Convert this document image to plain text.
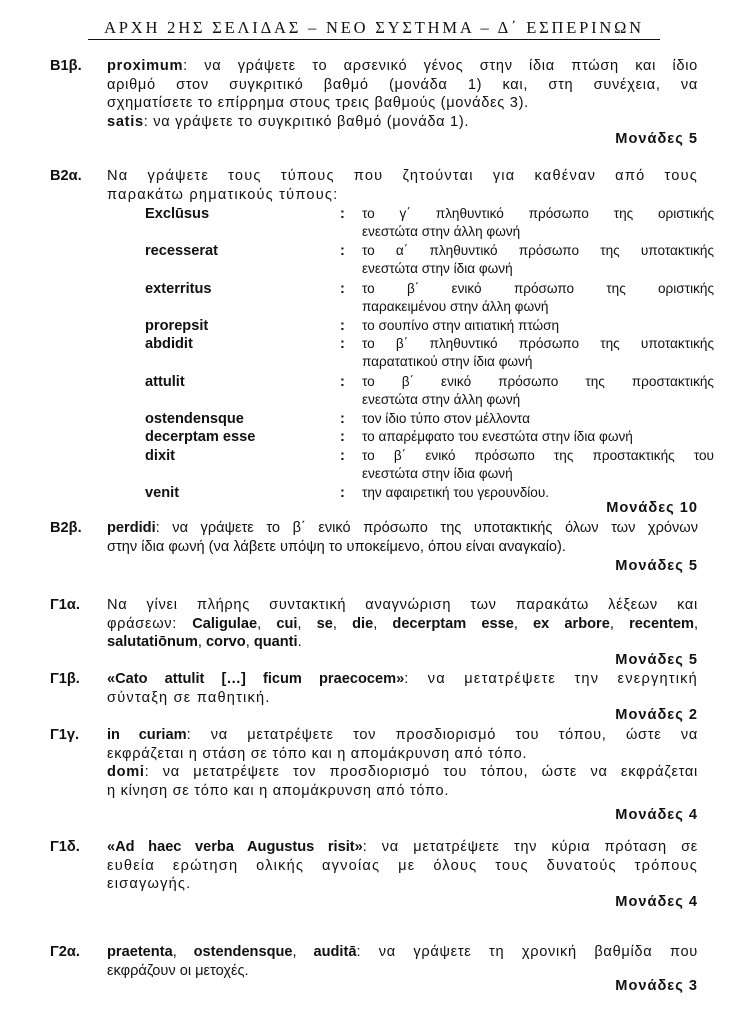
ΑΡΧΗ 2ΗΣ ΣΕΛΙΔΑΣ – ΝΕΟ ΣΥΣΤΗΜΑ – Δ΄ ΕΣΠΕΡΙΝΩΝ
Β1β. proximum: να γράψετε το αρσενικό γένος στην ίδια πτώση και ίδιο

αριθμό στον συγκριτικό βαθμό (μονάδα 1) και, στη συνέχεια, να

σχηματίσετε το επίρρημα στους τρεις βαθμούς (μονάδες 3).

satis: να γράψετε το συγκριτικό βαθμό (μονάδα 1).

Μονάδες 5
Β2α. Να γράψετε τους τύπους που ζητούνται για καθέναν από τους

παρακάτω ρηματικούς τύπους:

Exclūsus	: το γ΄ πληθυντικό πρόσωπο της οριστικής

ενεστώτα στην άλλη φωνή

recesserat	: το α΄ πληθυντικό πρόσωπο της υποτακτικής

ενεστώτα στην ίδια φωνή

exterritus	: το β΄ ενικό πρόσωπο της οριστικής

παρακειμένου στην άλλη φωνή

prorepsit	: το σουπίνο στην αιτιατική πτώση

abdidit	: το β΄ πληθυντικό πρόσωπο της υποτακτικής

παρατατικού στην ίδια φωνή

attulit	: το β΄ ενικό πρόσωπο της προστακτικής

ενεστώτα στην άλλη φωνή

ostendensque	: τον ίδιο τύπο στον μέλλοντα

decerptam esse	: το απαρέμφατο του ενεστώτα στην ίδια φωνή

dixit	: το β΄ ενικό πρόσωπο της προστακτικής του

ενεστώτα στην ίδια φωνή

venit	: την αφαιρετική του γερουνδίου.

Μονάδες 10
Β2β. perdidi: να γράψετε το β΄ ενικό πρόσωπο της υποτακτικής όλων των χρόνων

στην ίδια φωνή (να λάβετε υπόψη το υποκείμενο, όπου είναι αναγκαίο).

Μονάδες 5
Γ1α. Να γίνει πλήρης συντακτική αναγνώριση των παρακάτω λέξεων και

φράσεων: Caligulae, cui, se, die, decerptam esse, ex arbore, recentem,

salutatiōnum, corvo, quanti.

Μονάδες 5
Γ1β. «Cato attulit […] ficum praecocem»: να μετατρέψετε την ενεργητική

σύνταξη σε παθητική.

Μονάδες 2
Γ1γ. in curiam: να μετατρέψετε τον προσδιορισμό του τόπου, ώστε να

εκφράζεται η στάση σε τόπο και η απομάκρυνση από τόπο.

domi: να μετατρέψετε τον προσδιορισμό του τόπου, ώστε να εκφράζεται

η κίνηση σε τόπο και η απομάκρυνση από τόπο.

Μονάδες 4
Γ1δ. «Ad haec verba Augustus risit»: να μετατρέψετε την κύρια πρόταση σε

ευθεία ερώτηση ολικής αγνοίας με όλους τους δυνατούς τρόπους

εισαγωγής.

Μονάδες 4
Γ2α. praetenta, ostendensque, auditā: να γράψετε τη χρονική βαθμίδα που

εκφράζουν οι μετοχές.

Μονάδες 3
